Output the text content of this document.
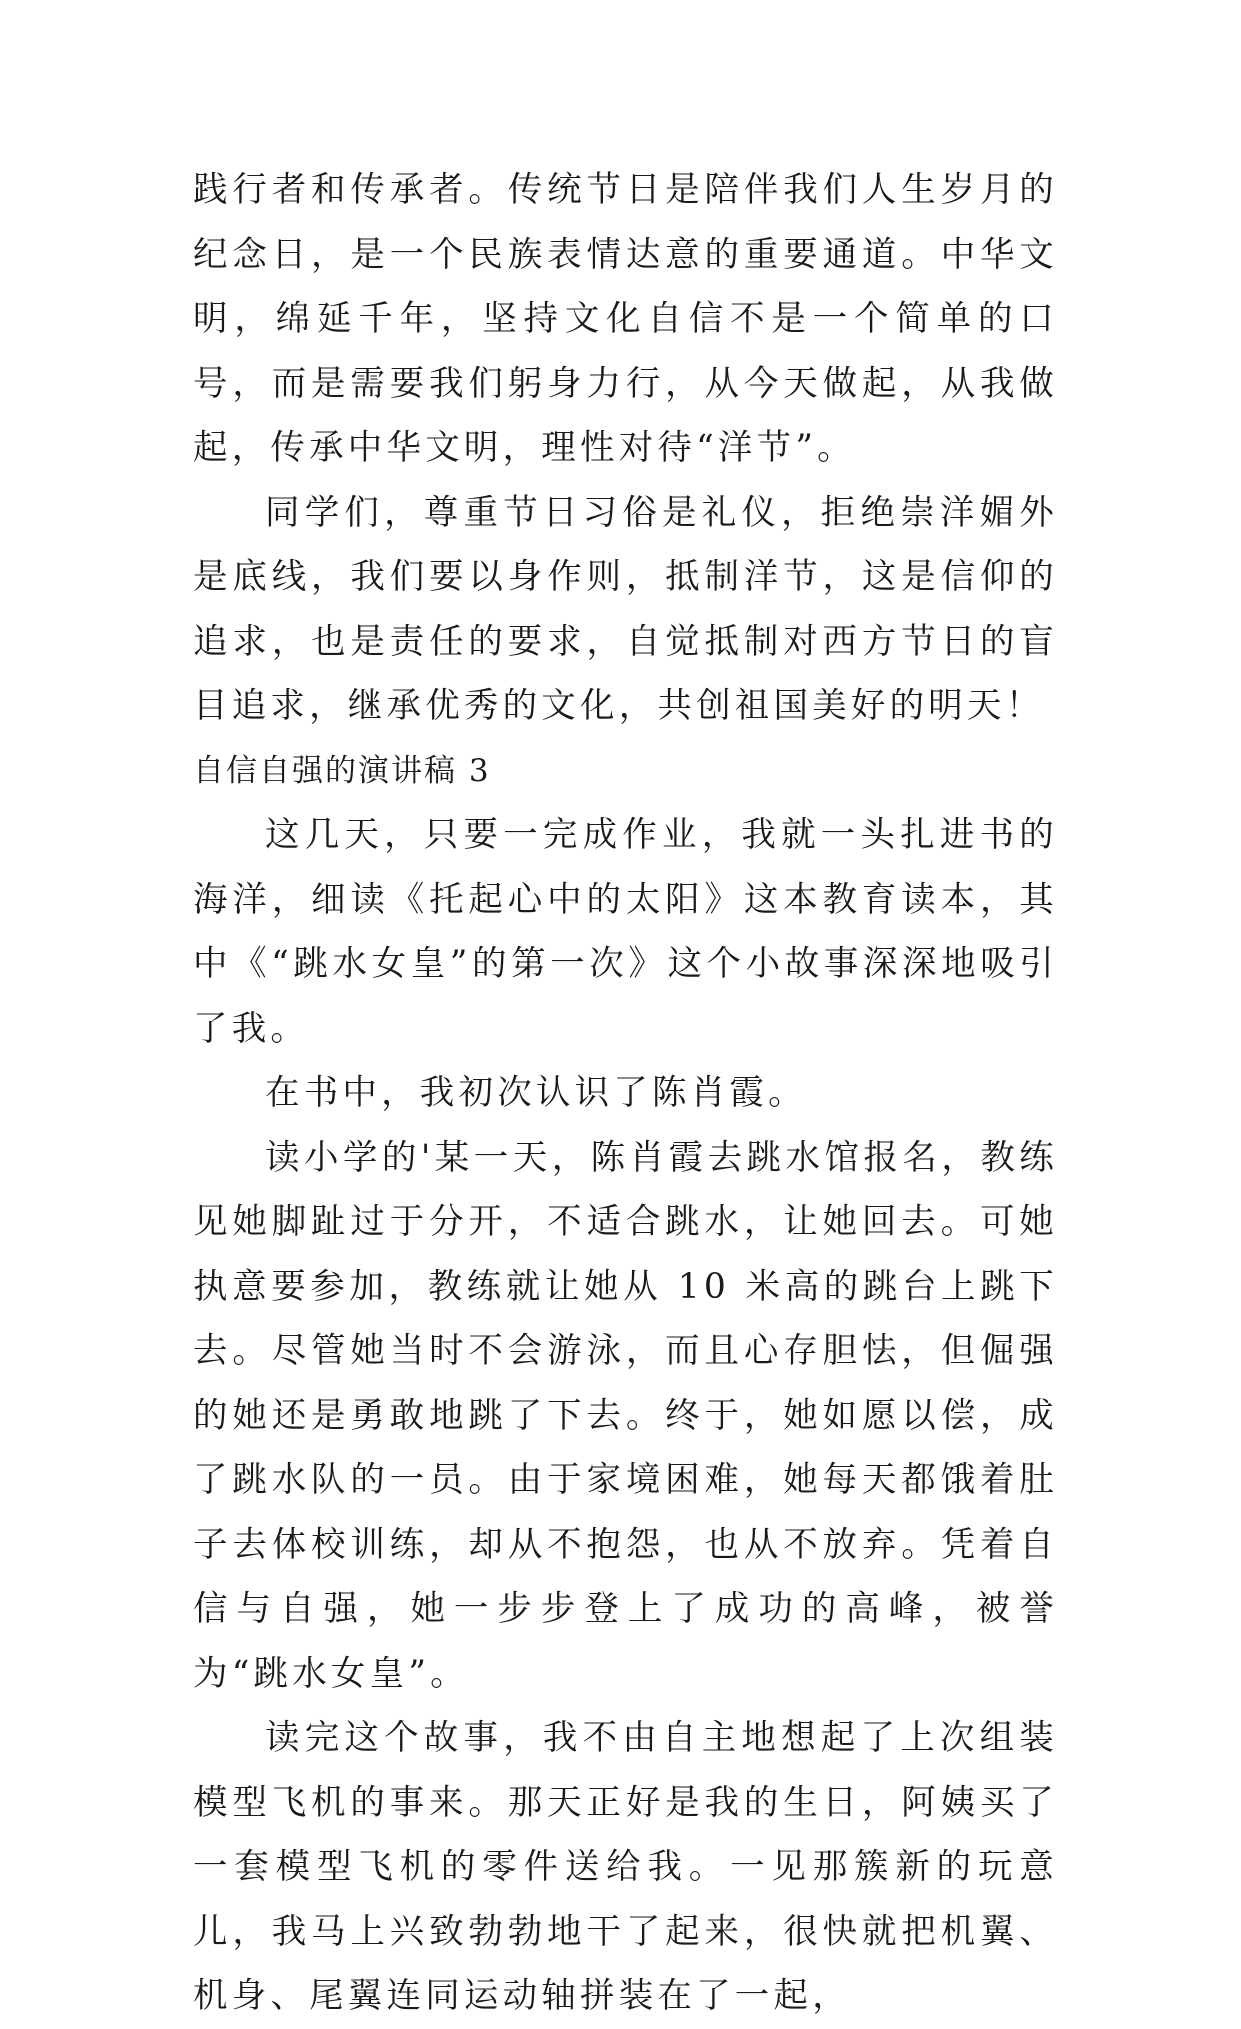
践行者和传承者。传统节日是陪伴我们人生岁月的纪念日，是一个民族表情达意的重要通道。中华文明，绵延千年，坚持文化自信不是一个简单的口号，而是需要我们躬身力行，从今天做起，从我做起，传承中华文明，理性对待“洋节”。

同学们，尊重节日习俗是礼仪，拒绝崇洋媚外是底线，我们要以身作则，抵制洋节，这是信仰的追求，也是责任的要求，自觉抵制对西方节日的盲目追求，继承优秀的文化，共创祖国美好的明天！

自信自强的演讲稿 3

这几天，只要一完成作业，我就一头扎进书的海洋，细读《托起心中的太阳》这本教育读本，其中《“跳水女皇”的第一次》这个小故事深深地吸引了我。

在书中，我初次认识了陈肖霞。

读小学的'某一天，陈肖霞去跳水馆报名，教练见她脚趾过于分开，不适合跳水，让她回去。可她执意要参加，教练就让她从 10 米高的跳台上跳下去。尽管她当时不会游泳，而且心存胆怯，但倔强的她还是勇敢地跳了下去。终于，她如愿以偿，成了跳水队的一员。由于家境困难，她每天都饿着肚子去体校训练，却从不抱怨，也从不放弃。凭着自信与自强，她一步步登上了成功的高峰，被誉为“跳水女皇”。

读完这个故事，我不由自主地想起了上次组装模型飞机的事来。那天正好是我的生日，阿姨买了一套模型飞机的零件送给我。一见那簇新的玩意儿，我马上兴致勃勃地干了起来，很快就把机翼、机身、尾翼连同运动轴拼装在了一起，
